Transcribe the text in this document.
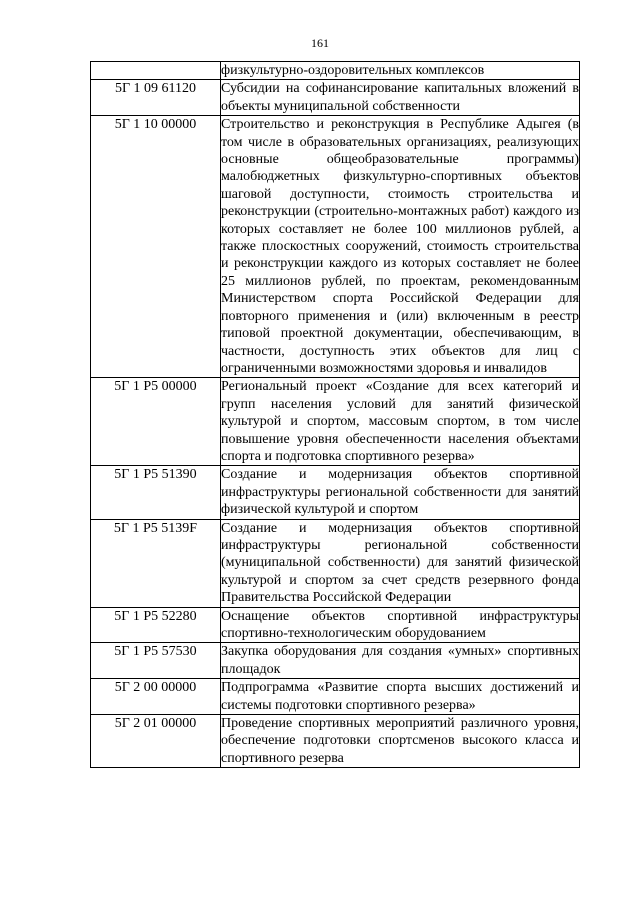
161
	физкультурно-оздоровительных комплексов
5Г 1 09 61120	Субсидии на софинансирование капитальных вложений в объекты муниципальной собственности
5Г 1 10 00000	Строительство и реконструкция в Республике Адыгея (в том числе в образовательных организациях, реализующих основные общеобразовательные программы) малобюджетных физкультурно-спортивных объектов шаговой доступности, стоимость строительства и реконструкции (строительно-монтажных работ) каждого из которых составляет не более 100 миллионов рублей, а также плоскостных сооружений, стоимость строительства и реконструкции каждого из которых составляет не более 25 миллионов рублей, по проектам, рекомендованным Министерством спорта Российской Федерации для повторного применения и (или) включенным в реестр типовой проектной документации, обеспечивающим, в частности, доступность этих объектов для лиц с ограниченными возможностями здоровья и инвалидов
5Г 1 P5 00000	Региональный проект «Создание для всех категорий и групп населения условий для занятий физической культурой и спортом, массовым спортом, в том числе повышение уровня обеспеченности населения объектами спорта и подготовка спортивного резерва»
5Г 1 P5 51390	Создание и модернизация объектов спортивной инфраструктуры региональной собственности для занятий физической культурой и спортом
5Г 1 P5 5139F	Создание и модернизация объектов спортивной инфраструктуры региональной собственности (муниципальной собственности) для занятий физической культурой и спортом за счет средств резервного фонда Правительства Российской Федерации
5Г 1 P5 52280	Оснащение объектов спортивной инфраструктуры спортивно-технологическим оборудованием
5Г 1 P5 57530	Закупка оборудования для создания «умных» спортивных площадок
5Г 2 00 00000	Подпрограмма «Развитие спорта высших достижений и системы подготовки спортивного резерва»
5Г 2 01 00000	Проведение спортивных мероприятий различного уровня, обеспечение подготовки спортсменов высокого класса и спортивного резерва
